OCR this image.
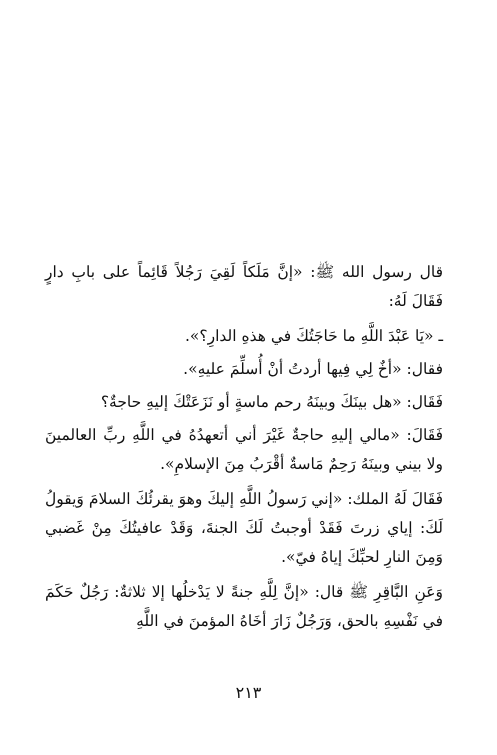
قال رسول الله ﷺ: «إنَّ مَلَكاً لَقِيَ رَجُلاً قَائِماً على بابِ دارٍ فَقَالَ لَهُ:

ـ «يَا عَبْدَ اللَّهِ ما حَاجَتُكَ في هذهِ الدارِ؟».

فقال: «أخٌ لِي فِيها أردتُ أنْ أُسلِّمَ عليهِ».

فَقَال: «هل بينَكَ وبينَهُ رحم ماسةٍ أو نَزَعَتْكَ إليهِ حاجةٌ؟

فَقَالَ: «مالي إليهِ حاجةٌ غَيْرَ أني أتعهدُهُ في اللَّهِ ربِّ العالمينَ ولا بيني وبينَهُ رَحِمٌ مَاسةٌ أقْرَبُ مِنَ الإسلامِ».

فَقَالَ لَهُ الملك: «إني رَسولُ اللَّهِ إليكَ وهوَ يقرئُكَ السلامَ وَيقولُ لَكَ: إياي زرتَ فَقَدْ أوجبتُ لَكَ الجنةَ، وَقَدْ عافيتُكَ مِنْ غَضبي وَمِنَ النارِ لحبِّكَ إياهُ فيّ».

وَعَنِ البَّاقِرِ ﷺ قال: «إنَّ لِلَّهِ جنةً لا يَدْخلُها إلا ثلاثةٌ: رَجُلٌ حَكَمَ في نَفْسِهِ بالحق، وَرَجُلٌ زَارَ أخَاهُ المؤمنَ في اللَّهِ

٢١٣
